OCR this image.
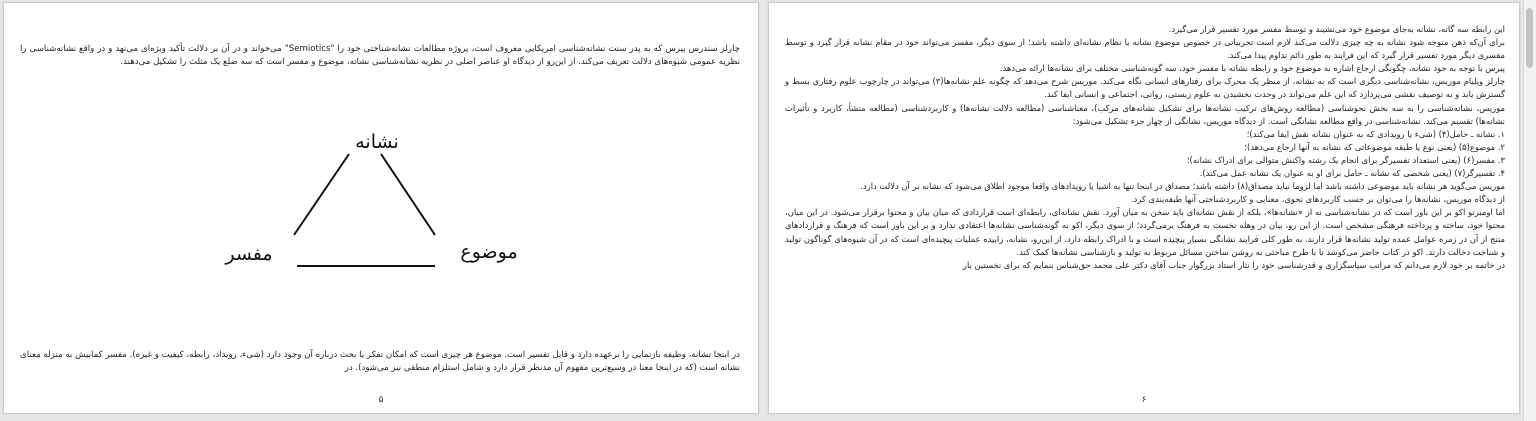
چارلز سندرس پیرس که به پدر سنت نشانه‌شناسی امریکایی معروف است، پروژه مطالعات نشانه‌شناختی خود را "Semiotics" می‌خواند و در آن بر دلالت تأکید ویژه‌ای می‌نهد و در واقع نشانه‌شناسی را نظریه عمومی شیوه‌های دلالت تعریف می‌کند. از این‌رو از دیدگاه او عناصر اصلی در نظریه نشانه‌شناسی نشانه، موضوع و مفسر است که سه ضلع یک مثلث را تشکیل می‌دهند.

نشانه
مفسر	موضوع

در اینجا نشانه، وظیفه بازنمایی را برعهده دارد و قابل تفسیر است. موضوع هر چیزی است که امکان تفکر یا بحث درباره آن وجود دارد (شیء، رویداد، رابطه، کیفیت و غیره). مفسر کمابیش به منزله معنای نشانه است (که در اینجا معنا در وسیع‌ترین مفهوم آن مدنظر قرار دارد و شامل استلزام منطقی نیز می‌شود). در

۵

این رابطه سه گانه، نشانه به‌جای موضوع خود می‌نشیند و توسط مفسر مورد تفسیر قرار می‌گیرد.

برای آن‌که ذهن متوجه شود نشانه به چه چیزی دلالت می‌کند لازم است تجربیاتی در خصوص موضوع نشانه یا نظام نشانه‌ای داشته باشد؛ از سوی دیگر، مفسر می‌تواند خود در مقام نشانه قرار گیرد و توسط مفسری دیگر مورد تفسیر قرار گیرد که این فرایند به طور دائم تداوم پیدا می‌کند.

پیرس با توجه به خود نشانه، چگونگی ارجاع اشاره به موضوع خود و رابطه نشانه با مفسر خود، سه گونه‌شناسی مختلف برای نشانه‌ها ارائه می‌دهد.

چارلز ویلیام موریس، نشانه‌شناسی دیگری است که به نشانه، از منظر یک محرک برای رفتارهای انسانی نگاه می‌کند. موریس شرح می‌دهد که چگونه علم نشانه‌ها(۳) می‌تواند در چارچوب علوم رفتاری بسط و گسترش یابد و به توصیف نقشی می‌پردازد که این علم می‌تواند در وحدت بخشیدن به علوم زیستی، روانی، اجتماعی و انسانی ایفا کند.

موریس، نشانه‌شناسی را به سه بخش نحوشناسی (مطالعه روش‌های ترکیب نشانه‌ها برای تشکیل نشانه‌های مرکب)، معناشناسی (مطالعه دلالت نشانه‌ها) و کاربردشناسی (مطالعه منشأ، کاربرد و تأثیرات نشانه‌ها) تقسیم می‌کند. نشانه‌شناسی در واقع مطالعه نشانگی است. از دیدگاه موریس، نشانگی از چهار جزء تشکیل می‌شود:

۱. نشانه ـ حامل(۴) (شیء یا رویدادی که به عنوان نشانه نقش ایفا می‌کند)؛

۲. موضوع(۵) (یعنی نوع یا طبقه موضوعاتی که نشانه به آنها ارجاع می‌دهد)؛

۳. مفسر(۶) (یعنی استعداد تفسیرگر برای انجام یک رشته واکنش متوالی برای ادراک نشانه)؛

۴. تفسیرگر(۷) (یعنی شخصی که نشانه ـ حامل برای او به عنوان یک نشانه عمل می‌کند).

موریس می‌گوید هر نشانه باید موضوعی داشته باشد اما لزوما نباید مصداق(۸) داشته باشد؛ مصداق در اینجا تنها به اشیا یا رویدادهای واقعا موجود اطلاق می‌شود که نشانه بر آن دلالت دارد.

از دیدگاه موریس، نشانه‌ها را می‌توان بر حسب کاربردهای نحوی، معنایی و کاربردشناختی آنها طبقه‌بندی کرد.

اما اومبرتو اکو بر این باور است که در نشانه‌شناسی نه از «نشانه‌ها»، بلکه از نقش نشانه‌ای باید سخن به میان آورد. نقش نشانه‌ای، رابطه‌ای است قراردادی که میان بیان و محتوا برقرار می‌شود. در این میان، محتوا خود، ساخته و پرداخته فرهنگی مشخص است. از این رو، بیان در وهله نخست به فرهنگ برمی‌گردد؛ از سوی دیگر، اکو به گونه‌شناسی نشانه‌ها اعتقادی ندارد و بر این باور است که فرهنگ و قراردادهای منتج از آن در زمره عوامل عمده تولید نشانه‌ها قرار دارند. به طور کلی فرایند نشانگی بسیار پیچیده است و با ادراک رابطه دارد. از این‌رو، نشانه، زاییده عملیات پیچیده‌ای است که در آن شیوه‌های گوناگون تولید و شناخت دخالت دارند. اکو در کتاب حاضر می‌کوشد تا با طرح مباحثی به روشن ساختن مسائل مربوط به تولید و بازشناسی نشانه‌ها کمک کند.

در خاتمه بر خود لازم می‌دانم که مراتب سپاسگزاری و قدرشناسی خود را نثار استاد بزرگوار جناب آقای دکتر علی محمد حق‌شناس بنمایم که برای نخستین بار

۶
